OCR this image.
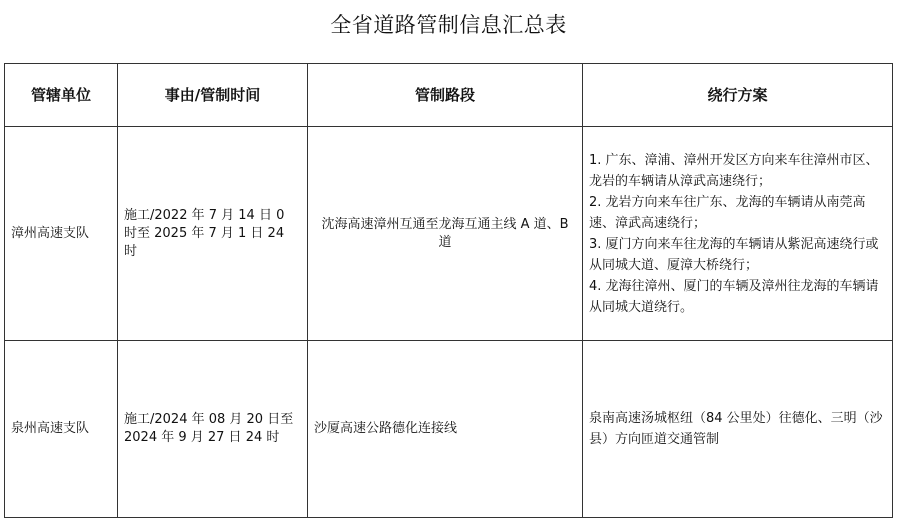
全省道路管制信息汇总表
管辖单位	事由/管制时间	管制路段	绕行方案
漳州高速支队	施工/2022 年 7 月 14 日 0 时至 2025 年 7 月 1 日 24 时	沈海高速漳州互通至龙海互通主线 A 道、B 道	1. 广东、漳浦、漳州开发区方向来车往漳州市区、龙岩的车辆请从漳武高速绕行；
2. 龙岩方向来车往广东、龙海的车辆请从南莞高速、漳武高速绕行；
3. 厦门方向来车往龙海的车辆请从紫泥高速绕行或从同城大道、厦漳大桥绕行；
4. 龙海往漳州、厦门的车辆及漳州往龙海的车辆请从同城大道绕行。

泉州高速支队	施工/2024 年 08 月 20 日至 2024 年 9 月 27 日 24 时	沙厦高速公路德化连接线	泉南高速汤城枢纽（84 公里处）往德化、三明（沙县）方向匝道交通管制
